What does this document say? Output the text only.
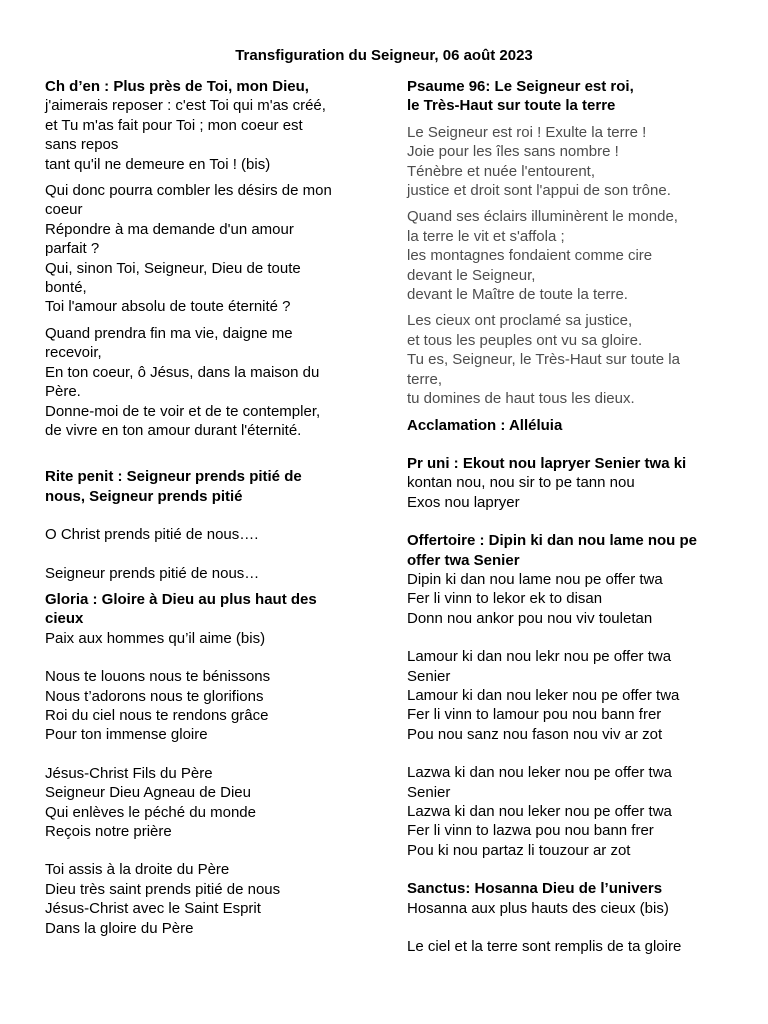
Transfiguration du Seigneur, 06 août 2023
Ch d’en : Plus près de Toi, mon Dieu,
j'aimerais reposer : c'est Toi qui m'as créé,
et Tu m'as fait pour Toi ; mon coeur est
sans repos
tant qu'il ne demeure en Toi ! (bis)
Qui donc pourra combler les désirs de mon
coeur
Répondre à ma demande d'un amour
parfait ?
Qui, sinon Toi, Seigneur, Dieu de toute
bonté,
Toi l'amour absolu de toute éternité ?
Quand prendra fin ma vie, daigne me
recevoir,
En ton coeur, ô Jésus, dans la maison du
Père.
Donne-moi de te voir et de te contempler,
de vivre en ton amour durant l'éternité.
Rite penit : Seigneur prends pitié de
nous, Seigneur prends pitié
O Christ prends pitié de nous….
Seigneur prends pitié de nous…
Gloria : Gloire à Dieu au plus haut des
cieux
Paix aux hommes qu’il aime (bis)
Nous te louons nous te bénissons
Nous t’adorons nous te glorifions
Roi du ciel nous te rendons grâce
Pour ton immense gloire
Jésus-Christ Fils du Père
Seigneur Dieu Agneau de Dieu
Qui enlèves le péché du monde
Reçois notre prière
Toi assis à la droite du Père
Dieu très saint prends pitié de nous
Jésus-Christ avec le Saint Esprit
Dans la gloire du Père
Psaume 96: Le Seigneur est roi,
le Très-Haut sur toute la terre
Le Seigneur est roi ! Exulte la terre !
Joie pour les îles sans nombre !
Ténèbre et nuée l'entourent,
justice et droit sont l'appui de son trône.
Quand ses éclairs illuminèrent le monde,
la terre le vit et s'affola ;
les montagnes fondaient comme cire
devant le Seigneur,
devant le Maître de toute la terre.
Les cieux ont proclamé sa justice,
et tous les peuples ont vu sa gloire.
Tu es, Seigneur, le Très-Haut sur toute la
terre,
tu domines de haut tous les dieux.
Acclamation : Alléluia
Pr uni : Ekout nou lapryer Senier twa ki
kontan nou, nou sir to pe tann nou
Exos nou lapryer
Offertoire : Dipin ki dan nou lame nou pe
offer twa Senier
Dipin ki dan nou lame nou pe offer twa
Fer li vinn to lekor ek to disan
Donn nou ankor pou nou viv touletan
Lamour ki dan nou lekr nou pe offer twa
Senier
Lamour ki dan nou leker nou pe offer twa
Fer li vinn to lamour pou nou bann frer
Pou nou sanz nou fason nou viv ar zot
Lazwa ki dan nou leker nou pe offer twa
Senier
Lazwa ki dan nou leker nou pe offer twa
Fer li vinn to lazwa pou nou bann frer
Pou ki nou partaz li touzour ar zot
Sanctus: Hosanna Dieu de l’univers
Hosanna aux plus hauts des cieux (bis)
Le ciel et la terre sont remplis de ta gloire
